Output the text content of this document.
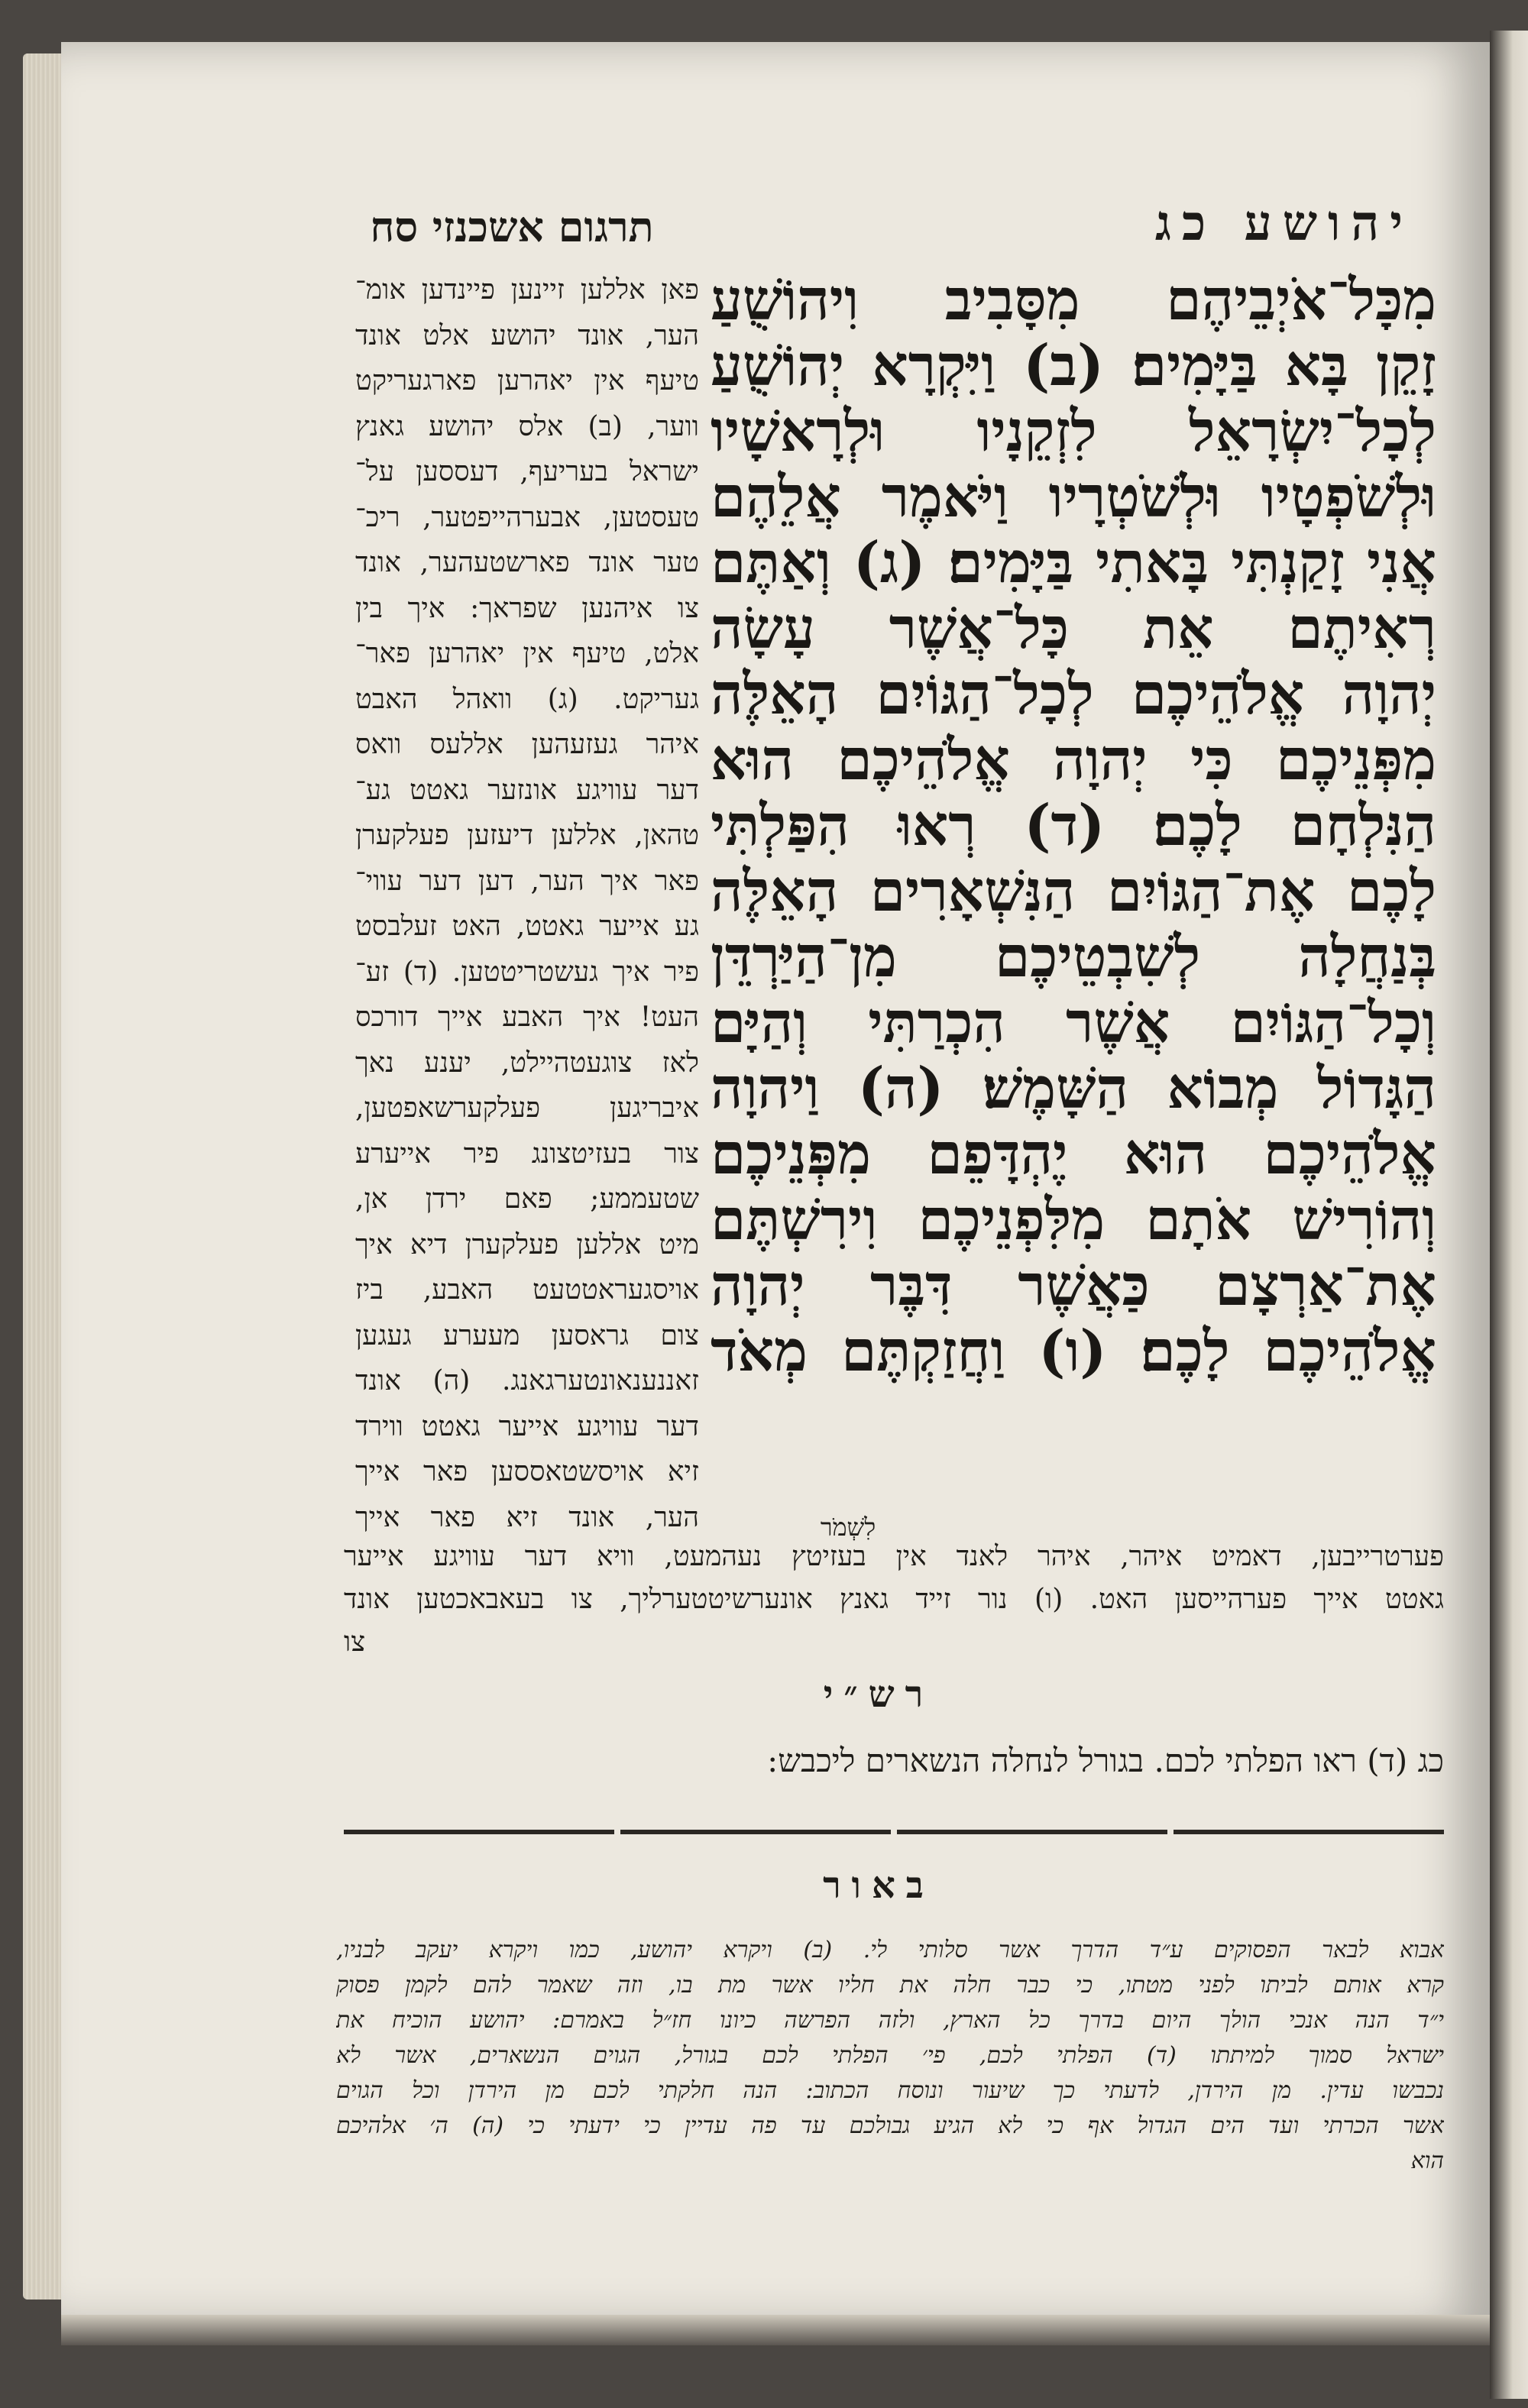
יהושע כג
תרגום אשכנזי סח
מִכָּל־אֹיְבֵיהֶם מִסָּבִיב וִיהוֹשֻׁעַ
זָקֵן בָּא בַּיָּמִים׃ (ב) וַיִּקְרָא יְהוֹשֻׁעַ
לְכָל־יִשְׂרָאֵל לִזְקֵנָיו וּלְרָאשָׁיו
וּלְשֹׁפְטָיו וּלְשֹׁטְרָיו וַיֹּאמֶר אֲלֵהֶם
אֲנִי זָקַנְתִּי בָּאתִי בַּיָּמִים׃ (ג) וְאַתֶּם
רְאִיתֶם אֵת כָּל־אֲשֶׁר עָשָׂה
יְהוָה אֱלֹהֵיכֶם לְכָל־הַגּוֹיִם הָאֵלֶּה
מִפְּנֵיכֶם כִּי יְהוָה אֱלֹהֵיכֶם הוּא
הַנִּלְחָם לָכֶם׃ (ד) רְאוּ הִפַּלְתִּי
לָכֶם אֶת־הַגּוֹיִם הַנִּשְׁאָרִים הָאֵלֶּה
בְּנַחֲלָה לְשִׁבְטֵיכֶם מִן־הַיַּרְדֵּן
וְכָל־הַגּוֹיִם אֲשֶׁר הִכְרַתִּי וְהַיָּם
הַגָּדוֹל מְבוֹא הַשָּׁמֶשׁ׃ (ה) וַיהוָה
אֱלֹהֵיכֶם הוּא יֶהְדָּפֵם מִפְּנֵיכֶם
וְהוֹרִישׁ אֹתָם מִלִּפְנֵיכֶם וִירִשְׁתֶּם
אֶת־אַרְצָם כַּאֲשֶׁר דִּבֶּר יְהוָה
אֱלֹהֵיכֶם לָכֶם׃ (ו) וַחֲזַקְתֶּם מְאֹד
פאן אללען זיינען פיינדען אומ־
הער, אונד יהושע אלט אונד
טיעף אין יאהרען פארגעריקט
ווער, (ב) אלס יהושע גאנץ
ישראל בעריעף, דעססען על־
טעסטען, אבערהייפטער, ריכ־
טער אונד פארשטעהער, אונד
צו איהנען שפראך: איך בין
אלט, טיעף אין יאהרען פאר־
געריקט. (ג) וואהל האבט
איהר געזעהען אללעס וואס
דער עוויגע אונזער גאטט גע־
טהאן, אללען דיעזען פעלקערן
פאר איך הער, דען דער עווי־
גע אייער גאטט, האט זעלבסט
פיר איך געשטריטטען. (ד) זע־
העט! איך האבע אייך דורכס
לאז צוגעטהיילט, יענע נאך
איבריגען פעלקערשאפטען,
צור בעזיטצונג פיר אייערע
שטעממע; פאם ירדן אן,
מיט אללען פעלקערן דיא איך
אויסגעראטטעט האבע, ביז
צום גראסען מעערע געגען
זאננענאונטערגאנג. (ה) אונד
דער עוויגע אייער גאטט ווירד
זיא אויסשטאססען פאר אייך
הער, אונד זיא פאר אייך	לִשְׁמֹר
פערטרייבען, דאמיט איהר, איהר לאנד אין בעזיטץ נעהמעט, וויא דער עוויגע אייער
גאטט אייך פערהייסען האט. (ו) נור זייד גאנץ אונערשיטטערליך, צו בעאבאכטען אונד
צו
רש״י
כג (ד) ראו הפלתי לכם. בגורל לנחלה הנשארים ליכבש:
באור
אבוא לבאר הפסוקים ע״ד הדרך אשר סלותי לי. (ב) ויקרא יהושע, כמו ויקרא יעקב לבניו,
קרא אותם לביתו לפני מטתו, כי כבר חלה את חליו אשר מת בו, וזה שאמר להם לקמן פסוק
י״ד הנה אנכי הולך היום בדרך כל הארץ, ולזה הפרשה כיונו חז״ל באמרם: יהושע הוכיח את
ישראל סמוך למיתתו (ד) הפלתי לכם, פי׳ הפלתי לכם בגורל, הגוים הנשארים, אשר לא
נכבשו עדין. מן הירדן, לדעתי כך שיעור ונוסח הכתוב: הנה חלקתי לכם מן הירדן וכל הגוים
אשר הכרתי ועד הים הגדול אף כי לא הגיע גבולכם עד פה עדיין כי ידעתי כי (ה) ה׳ אלהיכם
הוא
